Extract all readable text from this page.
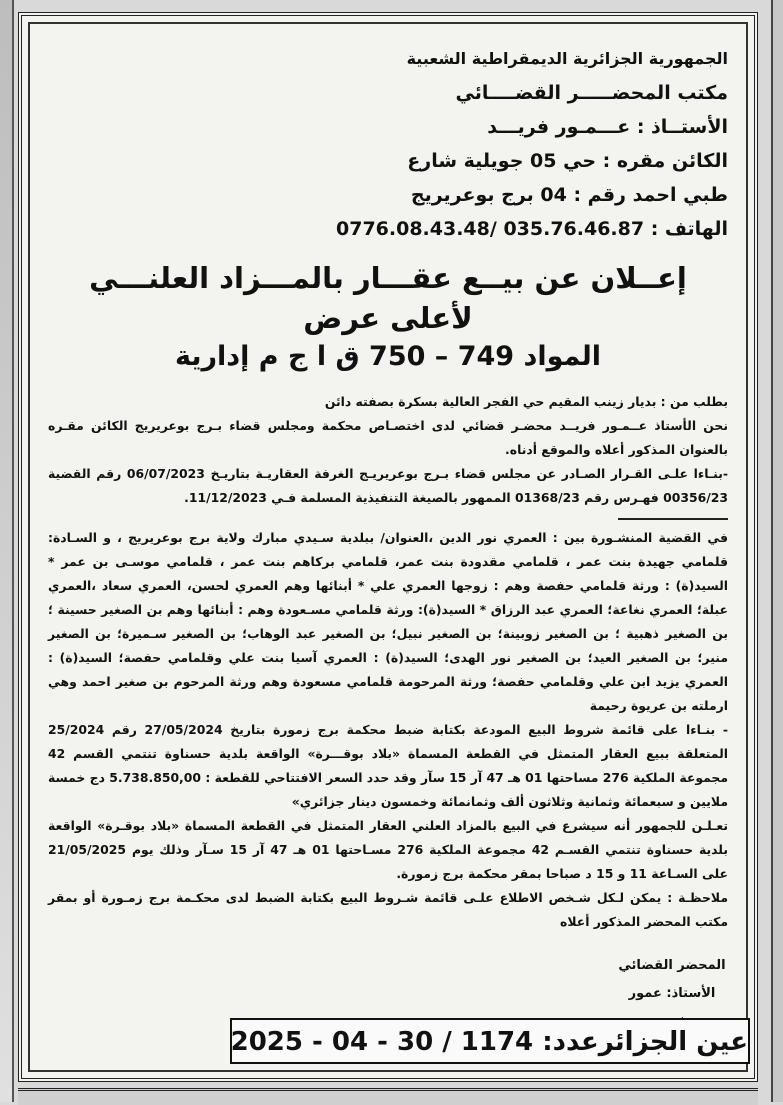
الجمهورية الجزائرية الديمقراطية الشعبية
مكتب المحضـــــر القضــــائي
الأستــاذ : عـــمـور فريـــد
الكائن مقره : حي 05 جويلية شارع
طبي احمد رقم : 04 برج بوعريريج
الهاتف : 035.76.46.87 /0776.08.43.48
إعــلان عن بيــع عقـــار بالمـــزاد العلنـــي لأعلى عرض
المواد 749 – 750 ق ا ج م إدارية

بطلب من : بديار زينب المقيم حي الفجر العالية بسكرة بصفته دائن

نحن الأستاذ عــمـور فريــد محضـر قضائي لدى اختصـاص محكمة ومجلس قضاء بـرج بوعريريج الكائن مقـره بالعنوان المذكور أعلاه والموقع أدناه.

-بنـاءا علـى القـرار الصـادر عن مجلس قضاء بـرج بوعريريـج الغرفة العقاريـة بتاريـخ 06/07/2023 رقم القضية 00356/23 فهـرس رقم 01368/23 الممهور بالصيغة التنفيذية المسلمة فـي 11/12/2023.

في القضية المنشـورة بين : العمري نور الدين ،العنوان/ ببلدية سـيدي مبارك ولاية برج بوعريريج ، و السـادة: قلمامي جهيدة بنت عمر ، قلمامي مقدودة بنت عمر، قلمامي بركاهم بنت عمر ، قلمامي موسـى بن عمر * السيد(ة) : ورثة قلمامي حفصة وهم : زوجها العمري علي * أبنائها وهم العمري لحسن، العمري سعاد ،العمري عبلة؛ العمري نغاعة؛ العمري عبد الرزاق * السيد(ة): ورثة قلمامي مسـعودة وهم : أبنائها وهم بن الصغير حسينة ؛ بن الصغير ذهبية ؛ بن الصغير زوبينة؛ بن الصغير نبيل؛ بن الصغير عبد الوهاب؛ بن الصغير سـميرة؛ بن الصغير منير؛ بن الصغير العيد؛ بن الصغير نور الهدى؛ السيد(ة) : العمري آسيا بنت علي وقلمامي حفصة؛ السيد(ة) : العمري يزيد ابن علي وقلمامي حفصة؛ ورثة المرحومة قلمامي مسعودة وهم ورثة المرحوم بن صغير احمد وهي ارملته بن عريوة رحيمة

- بنـاءا على قائمة شروط البيع المودعة بكتابة ضبط محكمة برج زمورة بتاريخ 27/05/2024 رقم 25/2024 المتعلقة ببيع العقار المتمثل في القطعة المسماة «بلاد بوقـــرة» الواقعة بلدية حسناوة تنتمي القسم 42 مجموعة الملكية 276 مساحتها 01 هـ 47 آر 15 سآر وقد حدد السعر الافتتاحي للقطعة : 5.738.850,00 دج خمسة ملايين و سبعمائة وثمانية وثلاثون ألف وثمانمائة وخمسون دينار جزائري»

تعـلـن للجمهور أنه سيشرع في البيع بالمزاد العلني العقار المتمثل في القطعة المسماة «بلاد بوقـرة» الواقعة بلدية حسناوة تنتمي القسـم 42 مجموعة الملكية 276 مسـاحتها 01 هـ 47 آر 15 سـآر وذلك يوم 21/05/2025 على السـاعة 11 و 15 د صباحا بمقر محكمة برج زمورة.

ملاحظـة : يمكن لـكل شـخص الاطلاع علـى قائمة شـروط البيع بكتابة الضبط لدى محكـمة برج زمـورة أو بمقر مكتب المحضر المذكور أعلاه

المحضر القضائي
الأستاذ: عمور
عين الجزائرعدد: 1174 / 30 - 04 - 2025
